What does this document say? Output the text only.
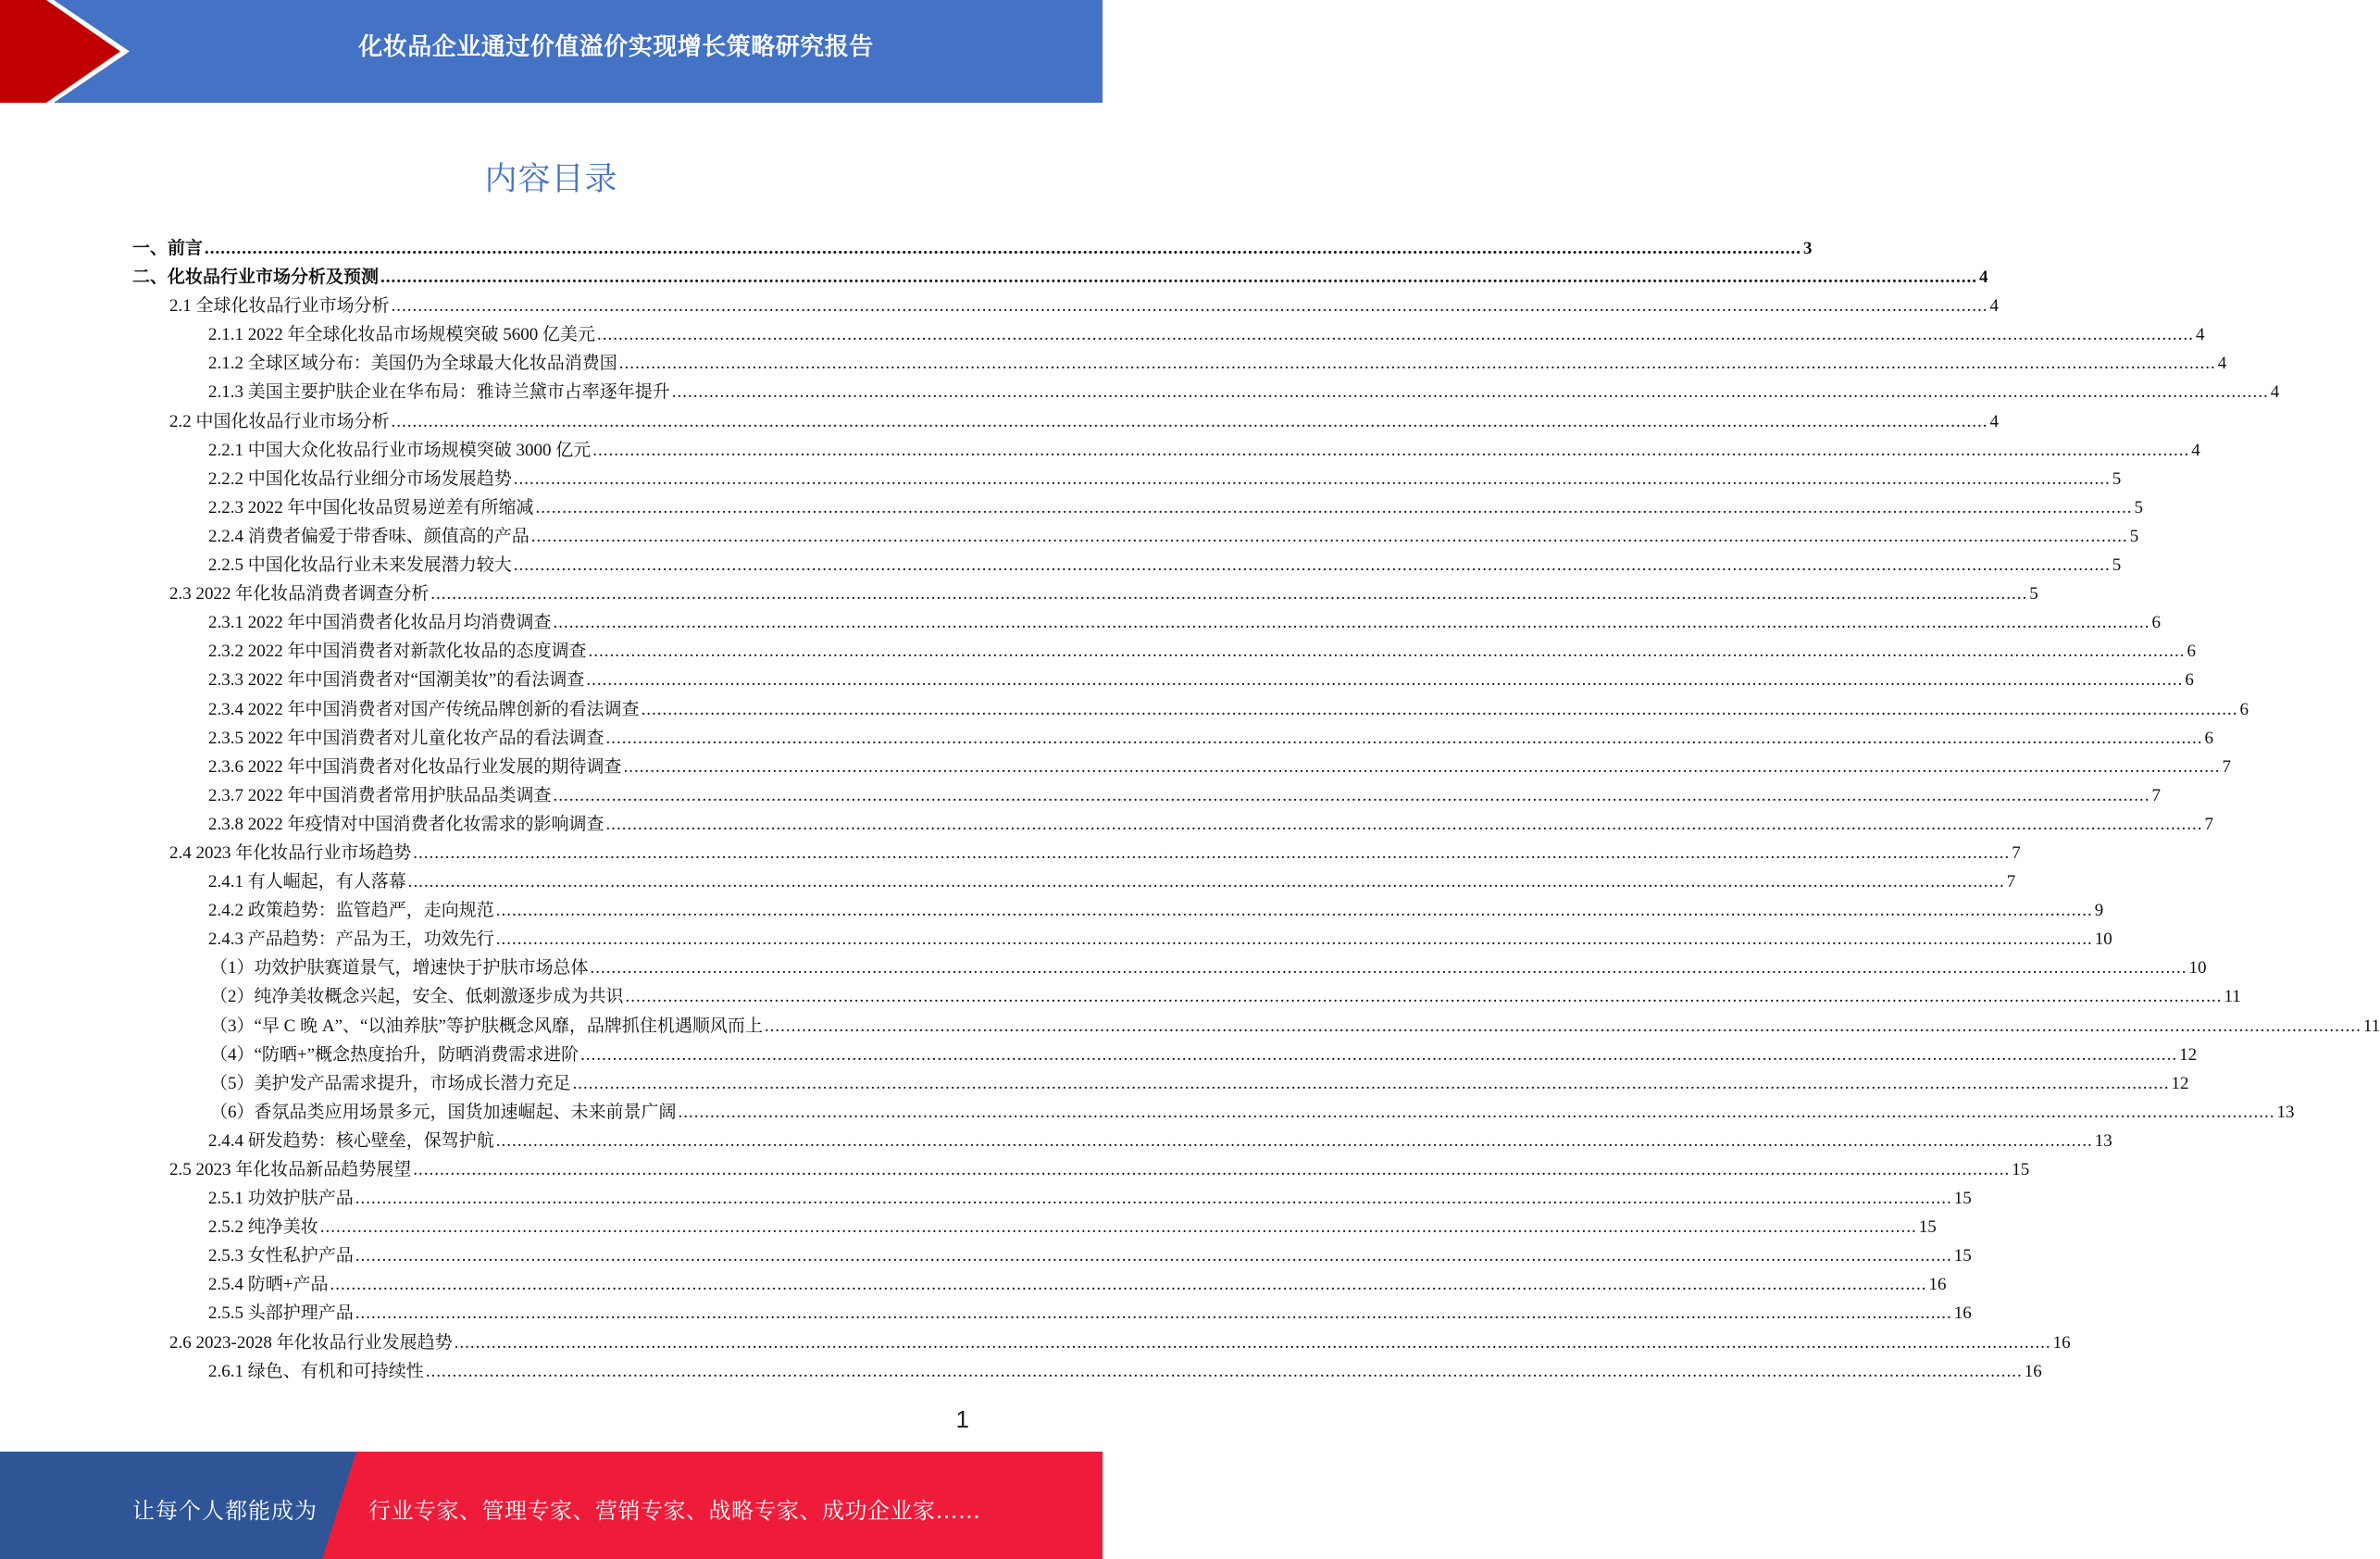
化妆品企业通过价值溢价实现增长策略研究报告
内容目录
一、前言 ............................................................................................................................................................................................................................................................................................................ 3
二、化妆品行业市场分析及预测 ............................................................................................................................................................................................................................................................................................................ 4
2.1 全球化妆品行业市场分析 ............................................................................................................................................................................................................................................................................................................ 4
2.1.1 2022 年全球化妆品市场规模突破 5600 亿美元 ............................................................................................................................................................................................................................................................................................................ 4
2.1.2 全球区域分布：美国仍为全球最大化妆品消费国 ............................................................................................................................................................................................................................................................................................................ 4
2.1.3 美国主要护肤企业在华布局：雅诗兰黛市占率逐年提升 ............................................................................................................................................................................................................................................................................................................ 4
2.2 中国化妆品行业市场分析 ............................................................................................................................................................................................................................................................................................................ 4
2.2.1 中国大众化妆品行业市场规模突破 3000 亿元 ............................................................................................................................................................................................................................................................................................................ 4
2.2.2 中国化妆品行业细分市场发展趋势 ............................................................................................................................................................................................................................................................................................................ 5
2.2.3 2022 年中国化妆品贸易逆差有所缩减 ............................................................................................................................................................................................................................................................................................................ 5
2.2.4 消费者偏爱于带香味、颜值高的产品 ............................................................................................................................................................................................................................................................................................................ 5
2.2.5 中国化妆品行业未来发展潜力较大 ............................................................................................................................................................................................................................................................................................................ 5
2.3 2022 年化妆品消费者调查分析 ............................................................................................................................................................................................................................................................................................................ 5
2.3.1 2022 年中国消费者化妆品月均消费调查 ............................................................................................................................................................................................................................................................................................................ 6
2.3.2 2022 年中国消费者对新款化妆品的态度调查 ............................................................................................................................................................................................................................................................................................................ 6
2.3.3 2022 年中国消费者对“国潮美妆”的看法调查 ............................................................................................................................................................................................................................................................................................................ 6
2.3.4 2022 年中国消费者对国产传统品牌创新的看法调查 ............................................................................................................................................................................................................................................................................................................ 6
2.3.5 2022 年中国消费者对儿童化妆产品的看法调查 ............................................................................................................................................................................................................................................................................................................ 6
2.3.6 2022 年中国消费者对化妆品行业发展的期待调查 ............................................................................................................................................................................................................................................................................................................ 7
2.3.7 2022 年中国消费者常用护肤品品类调查 ............................................................................................................................................................................................................................................................................................................ 7
2.3.8 2022 年疫情对中国消费者化妆需求的影响调查 ............................................................................................................................................................................................................................................................................................................ 7
2.4 2023 年化妆品行业市场趋势 ............................................................................................................................................................................................................................................................................................................ 7
2.4.1 有人崛起，有人落幕 ............................................................................................................................................................................................................................................................................................................ 7
2.4.2 政策趋势：监管趋严，走向规范 ............................................................................................................................................................................................................................................................................................................ 9
2.4.3 产品趋势：产品为王，功效先行 ............................................................................................................................................................................................................................................................................................................ 10
（1）功效护肤赛道景气，增速快于护肤市场总体 ............................................................................................................................................................................................................................................................................................................ 10
（2）纯净美妆概念兴起，安全、低刺激逐步成为共识 ............................................................................................................................................................................................................................................................................................................ 11
（3）“早 C 晚 A”、“以油养肤”等护肤概念风靡，品牌抓住机遇顺风而上 ............................................................................................................................................................................................................................................................................................................ 11
（4）“防晒+”概念热度抬升，防晒消费需求进阶 ............................................................................................................................................................................................................................................................................................................ 12
（5）美护发产品需求提升，市场成长潜力充足 ............................................................................................................................................................................................................................................................................................................ 12
（6）香氛品类应用场景多元，国货加速崛起、未来前景广阔 ............................................................................................................................................................................................................................................................................................................ 13
2.4.4 研发趋势：核心壁垒，保驾护航 ............................................................................................................................................................................................................................................................................................................ 13
2.5 2023 年化妆品新品趋势展望 ............................................................................................................................................................................................................................................................................................................ 15
2.5.1 功效护肤产品 ............................................................................................................................................................................................................................................................................................................ 15
2.5.2 纯净美妆 ............................................................................................................................................................................................................................................................................................................ 15
2.5.3 女性私护产品 ............................................................................................................................................................................................................................................................................................................ 15
2.5.4 防晒+产品 ............................................................................................................................................................................................................................................................................................................ 16
2.5.5 头部护理产品 ............................................................................................................................................................................................................................................................................................................ 16
2.6 2023-2028 年化妆品行业发展趋势 ............................................................................................................................................................................................................................................................................................................ 16
2.6.1 绿色、有机和可持续性 ............................................................................................................................................................................................................................................................................................................ 16
1
让每个人都能成为 行业专家、管理专家、营销专家、战略专家、成功企业家……
